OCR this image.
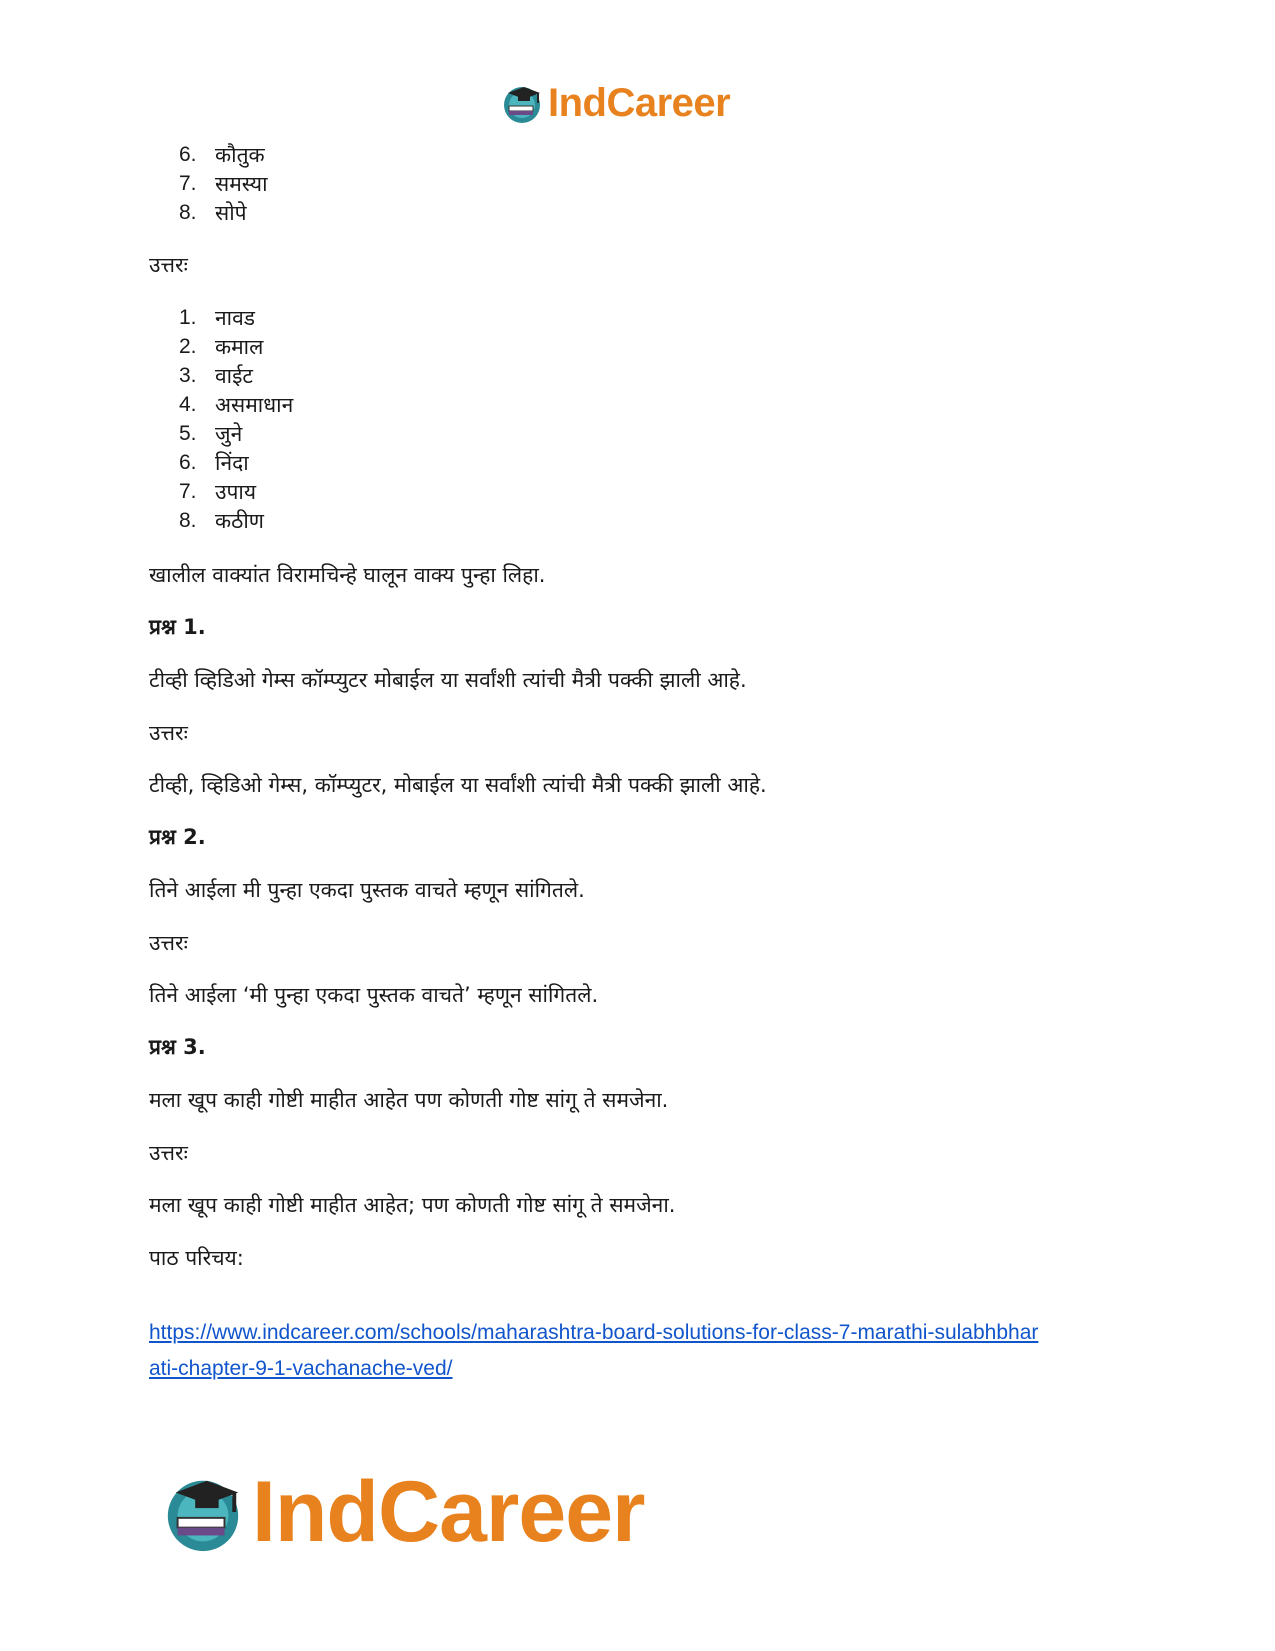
IndCareer
6. कौतुक
7. समस्या
8. सोपे
उत्तरः
1. नावड
2. कमाल
3. वाईट
4. असमाधान
5. जुने
6. निंदा
7. उपाय
8. कठीण
खालील वाक्यांत विरामचिन्हे घालून वाक्य पुन्हा लिहा.
प्रश्न 1.
टीव्ही व्हिडिओ गेम्स कॉम्प्युटर मोबाईल या सर्वांशी त्यांची मैत्री पक्की झाली आहे.
उत्तरः
टीव्ही, व्हिडिओ गेम्स, कॉम्प्युटर, मोबाईल या सर्वांशी त्यांची मैत्री पक्की झाली आहे.
प्रश्न 2.
तिने आईला मी पुन्हा एकदा पुस्तक वाचते म्हणून सांगितले.
उत्तरः
तिने आईला ‘मी पुन्हा एकदा पुस्तक वाचते’ म्हणून सांगितले.
प्रश्न 3.
मला खूप काही गोष्टी माहीत आहेत पण कोणती गोष्ट सांगू ते समजेना.
उत्तरः
मला खूप काही गोष्टी माहीत आहेत; पण कोणती गोष्ट सांगू ते समजेना.
पाठ परिचय:
https://www.indcareer.com/schools/maharashtra-board-solutions-for-class-7-marathi-sulabhbhar
ati-chapter-9-1-vachanache-ved/
IndCareer
